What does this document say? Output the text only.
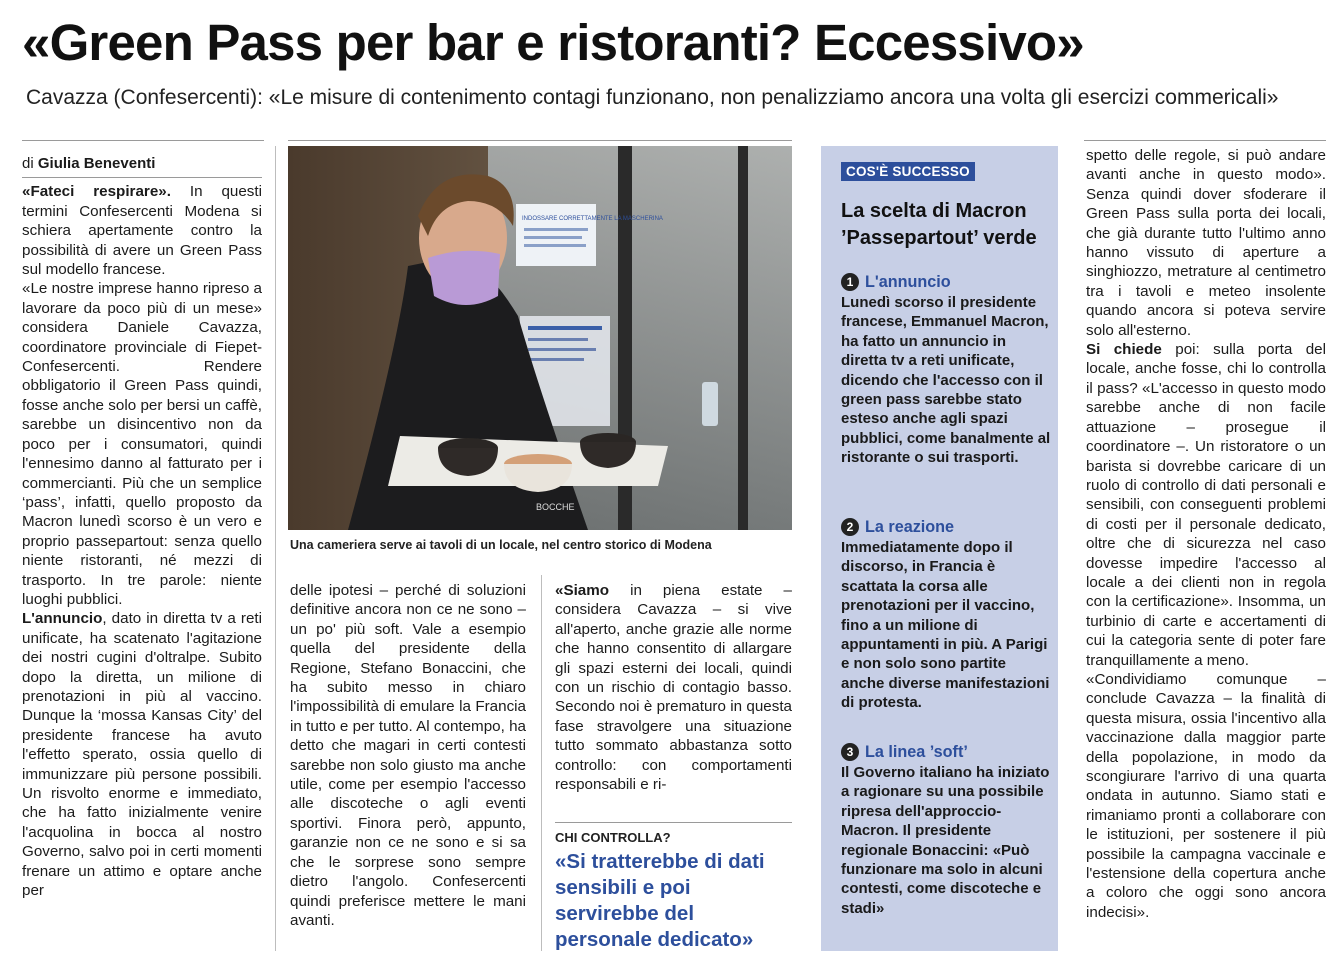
«Green Pass per bar e ristoranti? Eccessivo»
Cavazza (Confesercenti): «Le misure di contenimento contagi funzionano, non penalizziamo ancora una volta gli esercizi commericali»
di Giulia Beneventi

«Fateci respirare». In questi termini Confesercenti Modena si schiera apertamente contro la possibilità di avere un Green Pass sul modello francese.

«Le nostre imprese hanno ripreso a lavorare da poco più di un mese» considera Daniele Cavazza, coordinatore provinciale di Fiepet-Confesercenti. Rendere obbligatorio il Green Pass quindi, fosse anche solo per bersi un caffè, sarebbe un disincentivo non da poco per i consumatori, quindi l'ennesimo danno al fatturato per i commercianti. Più che un semplice ‘pass’, infatti, quello proposto da Macron lunedì scorso è un vero e proprio passepartout: senza quello niente ristoranti, né mezzi di trasporto. In tre parole: niente luoghi pubblici.

L'annuncio, dato in diretta tv a reti unificate, ha scatenato l'agitazione dei nostri cugini d'oltralpe. Subito dopo la diretta, un milione di prenotazioni in più al vaccino. Dunque la ‘mossa Kansas City’ del presidente francese ha avuto l'effetto sperato, ossia quello di immunizzare più persone possibili. Un risvolto enorme e immediato, che ha fatto inizialmente venire l'acquolina in bocca al nostro Governo, salvo poi in certi momenti frenare un attimo e optare anche per

INDOSSARE CORRETTAMENTE LA MASCHERINA
BOCCHE
Una cameriera serve ai tavoli di un locale, nel centro storico di Modena

delle ipotesi – perché di soluzioni definitive ancora non ce ne sono – un po' più soft. Vale a esempio quella del presidente della Regione, Stefano Bonaccini, che ha subito messo in chiaro l'impossibilità di emulare la Francia in tutto e per tutto. Al contempo, ha detto che magari in certi contesti sarebbe non solo giusto ma anche utile, come per esempio l'accesso alle discoteche o agli eventi sportivi. Finora però, appunto, garanzie non ce ne sono e si sa che le sorprese sono sempre dietro l'angolo. Confesercenti quindi preferisce mettere le mani avanti.

«Siamo in piena estate – considera Cavazza – si vive all'aperto, anche grazie alle norme che hanno consentito di allargare gli spazi esterni dei locali, quindi con un rischio di contagio basso. Secondo noi è prematuro in questa fase stravolgere una situazione tutto sommato abbastanza sotto controllo: con comportamenti responsabili e ri-

CHI CONTROLLA?
«Si tratterebbe di dati sensibili e poi servirebbe del personale dedicato»
COS'È SUCCESSO
La scelta di Macron ’Passepartout’ verde
1 L'annuncio
Lunedì scorso il presidente francese, Emmanuel Macron, ha fatto un annuncio in diretta tv a reti unificate, dicendo che l'accesso con il green pass sarebbe stato esteso anche agli spazi pubblici, come banalmente al ristorante o sui trasporti.
2 La reazione
Immediatamente dopo il discorso, in Francia è scattata la corsa alle prenotazioni per il vaccino, fino a un milione di appuntamenti in più. A Parigi e non solo sono partite anche diverse manifestazioni di protesta.
3 La linea ’soft’
Il Governo italiano ha iniziato a ragionare su una possibile ripresa dell'approccio-Macron. Il presidente regionale Bonaccini: «Può funzionare ma solo in alcuni contesti, come discoteche e stadi»

spetto delle regole, si può andare avanti anche in questo modo». Senza quindi dover sfoderare il Green Pass sulla porta dei locali, che già durante tutto l'ultimo anno hanno vissuto di aperture a singhiozzo, metrature al centimetro tra i tavoli e meteo insolente quando ancora si poteva servire solo all'esterno.

Si chiede poi: sulla porta del locale, anche fosse, chi lo controlla il pass? «L'accesso in questo modo sarebbe anche di non facile attuazione – prosegue il coordinatore –. Un ristoratore o un barista si dovrebbe caricare di un ruolo di controllo di dati personali e sensibili, con conseguenti problemi di costi per il personale dedicato, oltre che di sicurezza nel caso dovesse impedire l'accesso al locale a dei clienti non in regola con la certificazione». Insomma, un turbinio di carte e accertamenti di cui la categoria sente di poter fare tranquillamente a meno.

«Condividiamo comunque – conclude Cavazza – la finalità di questa misura, ossia l'incentivo alla vaccinazione dalla maggior parte della popolazione, in modo da scongiurare l'arrivo di una quarta ondata in autunno. Siamo stati e rimaniamo pronti a collaborare con le istituzioni, per sostenere il più possibile la campagna vaccinale e l'estensione della copertura anche a coloro che oggi sono ancora indecisi».
